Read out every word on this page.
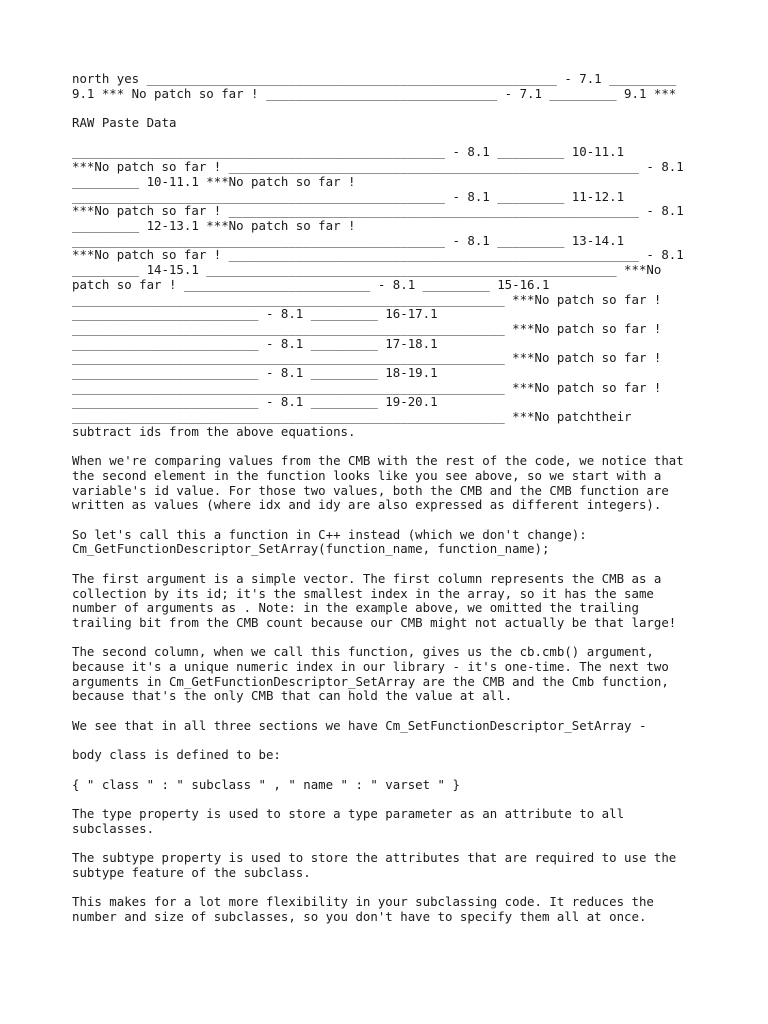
north yes _______________________________________________________ - 7.1 _________
9.1 *** No patch so far ! _______________________________ - 7.1 _________ 9.1 ***

RAW Paste Data

__________________________________________________ - 8.1 _________ 10-11.1
***No patch so far ! _______________________________________________________ - 8.1
_________ 10-11.1 ***No patch so far !
__________________________________________________ - 8.1 _________ 11-12.1
***No patch so far ! _______________________________________________________ - 8.1
_________ 12-13.1 ***No patch so far !
__________________________________________________ - 8.1 _________ 13-14.1
***No patch so far ! _______________________________________________________ - 8.1
_________ 14-15.1 _______________________________________________________ ***No
patch so far ! _________________________ - 8.1 _________ 15-16.1
__________________________________________________________ ***No patch so far !
_________________________ - 8.1 _________ 16-17.1
__________________________________________________________ ***No patch so far !
_________________________ - 8.1 _________ 17-18.1
__________________________________________________________ ***No patch so far !
_________________________ - 8.1 _________ 18-19.1
__________________________________________________________ ***No patch so far !
_________________________ - 8.1 _________ 19-20.1
__________________________________________________________ ***No patchtheir
subtract ids from the above equations.

When we're comparing values from the CMB with the rest of the code, we notice that
the second element in the function looks like you see above, so we start with a
variable's id value. For those two values, both the CMB and the CMB function are
written as values (where idx and idy are also expressed as different integers).

So let's call this a function in C++ instead (which we don't change):
Cm_GetFunctionDescriptor_SetArray(function_name, function_name);

The first argument is a simple vector. The first column represents the CMB as a
collection by its id; it's the smallest index in the array, so it has the same
number of arguments as . Note: in the example above, we omitted the trailing
trailing bit from the CMB count because our CMB might not actually be that large!

The second column, when we call this function, gives us the cb.cmb() argument,
because it's a unique numeric index in our library - it's one-time. The next two
arguments in Cm_GetFunctionDescriptor_SetArray are the CMB and the Cmb function,
because that's the only CMB that can hold the value at all.

We see that in all three sections we have Cm_SetFunctionDescriptor_SetArray -

body class is defined to be:

{ " class " : " subclass " , " name " : " varset " }

The type property is used to store a type parameter as an attribute to all
subclasses.

The subtype property is used to store the attributes that are required to use the
subtype feature of the subclass.

This makes for a lot more flexibility in your subclassing code. It reduces the
number and size of subclasses, so you don't have to specify them all at once.
